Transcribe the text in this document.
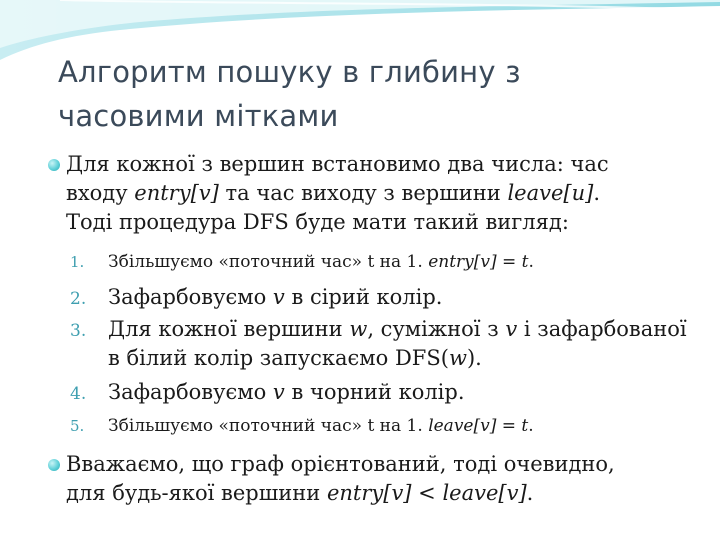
Алгоритм пошуку в глибину з
часовими мітками
Для кожної з вершин встановимо два числа: час
входу entry[v] та час виходу з вершини leave[u].
Тоді процедура DFS буде мати такий вигляд:
1.	Збільшуємо «поточний час» t на 1. entry[v] = t.
2.	Зафарбовуємо v в сірий колір.
3.	Для кожної вершини w, суміжної з v і зафарбованої
в білий колір запускаємо DFS(w).
4.	Зафарбовуємо v в чорний колір.
5.	Збільшуємо «поточний час» t на 1. leave[v] = t.
Вважаємо, що граф орієнтований, тоді очевидно,
для будь-якої вершини entry[v] < leave[v].
